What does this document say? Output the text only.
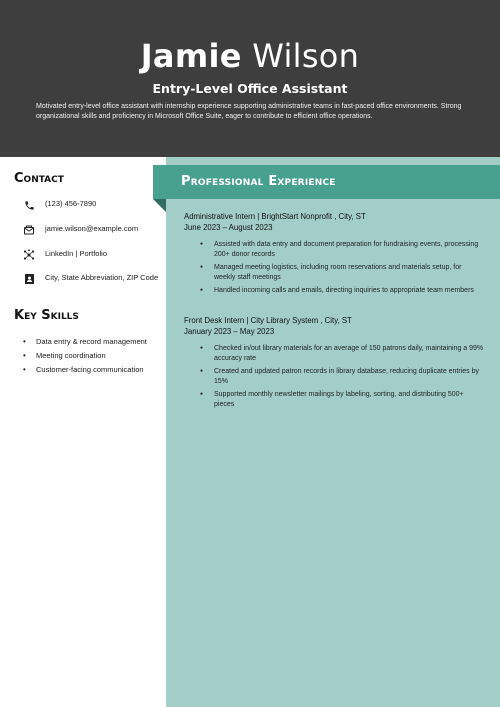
Jamie Wilson
Entry-Level Office Assistant
Motivated entry-level office assistant with internship experience supporting administrative teams in fast-paced office environments. Strong organizational skills and proficiency in Microsoft Office Suite, eager to contribute to efficient office operations.
Professional Experience
Contact
(123) 456-7890
jamie.wilson@example.com
LinkedIn | Portfolio
City, State Abbreviation, ZIP Code
Key Skills
• Data entry & record management
• Meeting coordination
• Customer-facing communication
Administrative Intern | BrightStart Nonprofit , City, ST
June 2023 – August 2023
● Assisted with data entry and document preparation for fundraising events, processing 200+ donor records
● Managed meeting logistics, including room reservations and materials setup, for weekly staff meetings
● Handled incoming calls and emails, directing inquiries to appropriate team members
Front Desk Intern | City Library System , City, ST
January 2023 – May 2023
● Checked in/out library materials for an average of 150 patrons daily, maintaining a 99% accuracy rate
● Created and updated patron records in library database, reducing duplicate entries by 15%
● Supported monthly newsletter mailings by labeling, sorting, and distributing 500+ pieces
